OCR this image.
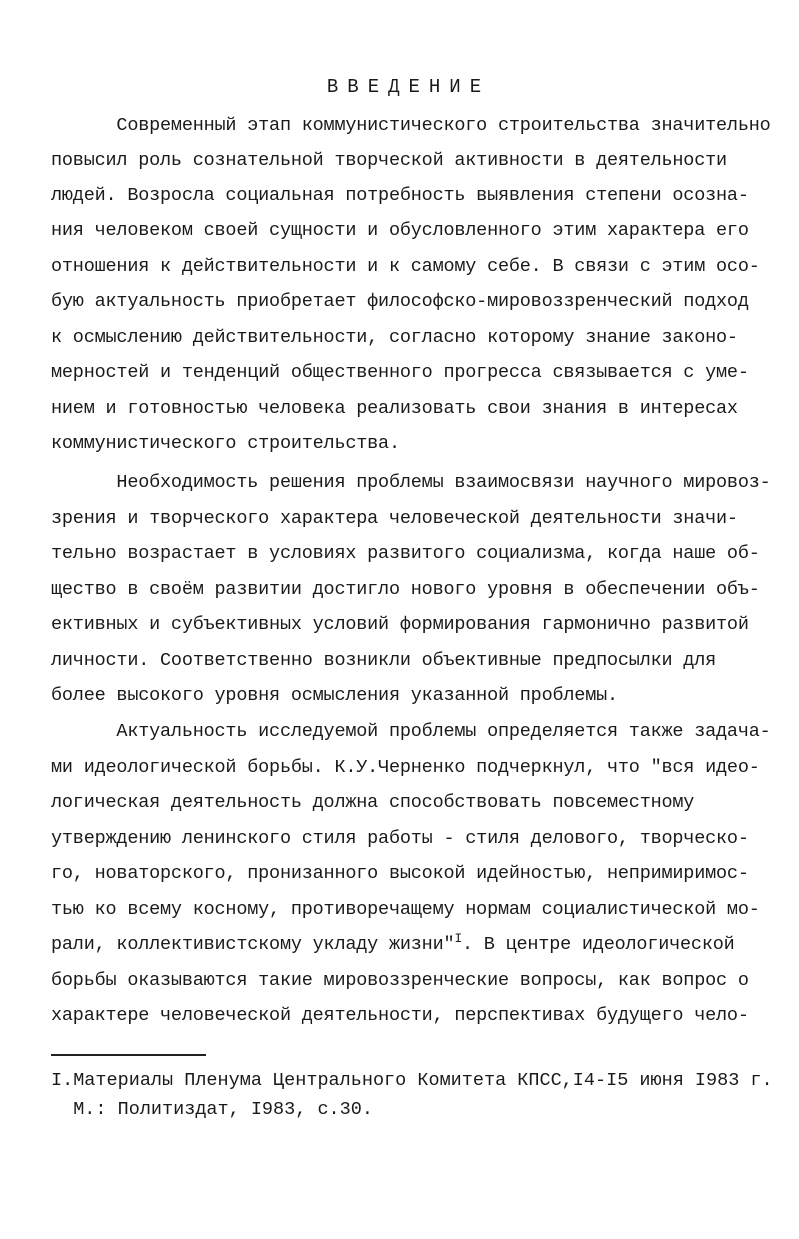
ВВЕДЕНИЕ
Современный этап коммунистического строительства значительно
повысил роль сознательной творческой активности в деятельности
людей. Возросла социальная потребность выявления степени осозна-
ния человеком своей сущности и обусловленного этим характера его
отношения к действительности и к самому себе. В связи с этим осо-
бую актуальность приобретает философско-мировоззренческий подход
к осмыслению действительности, согласно которому знание законо-
мерностей и тенденций общественного прогресса связывается с уме-
нием и готовностью человека реализовать свои знания в интересах
коммунистического строительства.
Необходимость решения проблемы взаимосвязи научного мировоз-
зрения и творческого характера человеческой деятельности значи-
тельно возрастает в условиях развитого социализма, когда наше об-
щество в своём развитии достигло нового уровня в обеспечении объ-
ективных и субъективных условий формирования гармонично развитой
личности. Соответственно возникли объективные предпосылки для
более высокого уровня осмысления указанной проблемы.
Актуальность исследуемой проблемы определяется также задача-
ми идеологической борьбы. К.У.Черненко подчеркнул, что "вся идео-
логическая деятельность должна способствовать повсеместному
утверждению ленинского стиля работы - стиля делового, творческо-
го, новаторского, пронизанного высокой идейностью, непримиримос-
тью ко всему косному, противоречащему нормам социалистической мо-
рали, коллективистскому укладу жизни"$^I$. В центре идеологической
борьбы оказываются такие мировоззренческие вопросы, как вопрос о
характере человеческой деятельности, перспективах будущего чело-
I.Материалы Пленума Центрального Комитета КПСС,I4-I5 июня I983 г.
М.: Политиздат, I983, с.30.
